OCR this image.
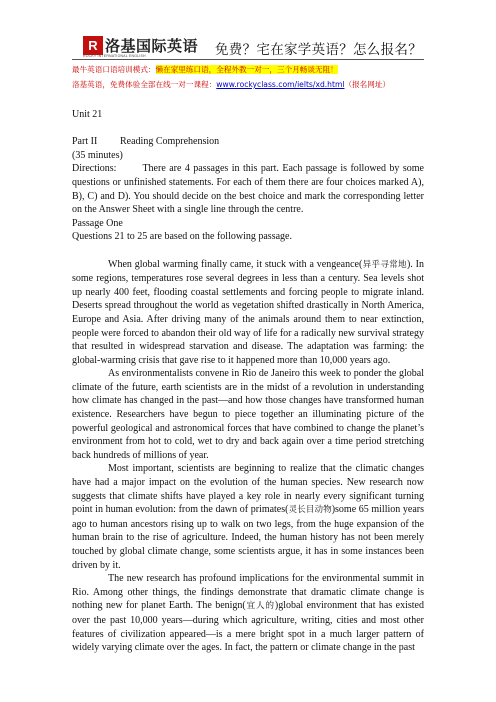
R 洛基国际英语
ROCKY INTERNATIONAL ENGLISH	免费？宅在家学英语？怎么报名？
最牛英语口语培训模式：懒在家里练口语，全程外教一对一，三个月畅谈无阻！
洛基英语，免费体验全部在线一对一课程：www.rockyclass.com/ielts/xd.html（报名网址）

Unit 21

Part II Reading Comprehension

(35 minutes)

Directions:	There are 4 passages in this part. Each passage is followed by some questions or unfinished statements. For each of them there are four choices marked A), B), C) and D). You should decide on the best choice and mark the corresponding letter on the Answer Sheet with a single line through the centre.

Passage One

Questions 21 to 25 are based on the following passage.

When global warming finally came, it stuck with a vengeance(异乎寻常地). In some regions, temperatures rose several degrees in less than a century. Sea levels shot up nearly 400 feet, flooding coastal settlements and forcing people to migrate inland. Deserts spread throughout the world as vegetation shifted drastically in North America, Europe and Asia. After driving many of the animals around them to near extinction, people were forced to abandon their old way of life for a radically new survival strategy that resulted in widespread starvation and disease. The adaptation was farming: the global-warming crisis that gave rise to it happened more than 10,000 years ago.

As environmentalists convene in Rio de Janeiro this week to ponder the global climate of the future, earth scientists are in the midst of a revolution in understanding how climate has changed in the past—and how those changes have transformed human existence. Researchers have begun to piece together an illuminating picture of the powerful geological and astronomical forces that have combined to change the planet’s environment from hot to cold, wet to dry and back again over a time period stretching back hundreds of millions of year.

Most important, scientists are beginning to realize that the climatic changes have had a major impact on the evolution of the human species. New research now suggests that climate shifts have played a key role in nearly every significant turning point in human evolution: from the dawn of primates(灵长目动物)some 65 million years ago to human ancestors rising up to walk on two legs, from the huge expansion of the human brain to the rise of agriculture. Indeed, the human history has not been merely touched by global climate change, some scientists argue, it has in some instances been driven by it.

The new research has profound implications for the environmental summit in Rio. Among other things, the findings demonstrate that dramatic climate change is nothing new for planet Earth. The benign(宜人的)global environment that has existed over the past 10,000 years—during which agriculture, writing, cities and most other features of civilization appeared—is a mere bright spot in a much larger pattern of widely varying climate over the ages. In fact, the pattern or climate change in the past
